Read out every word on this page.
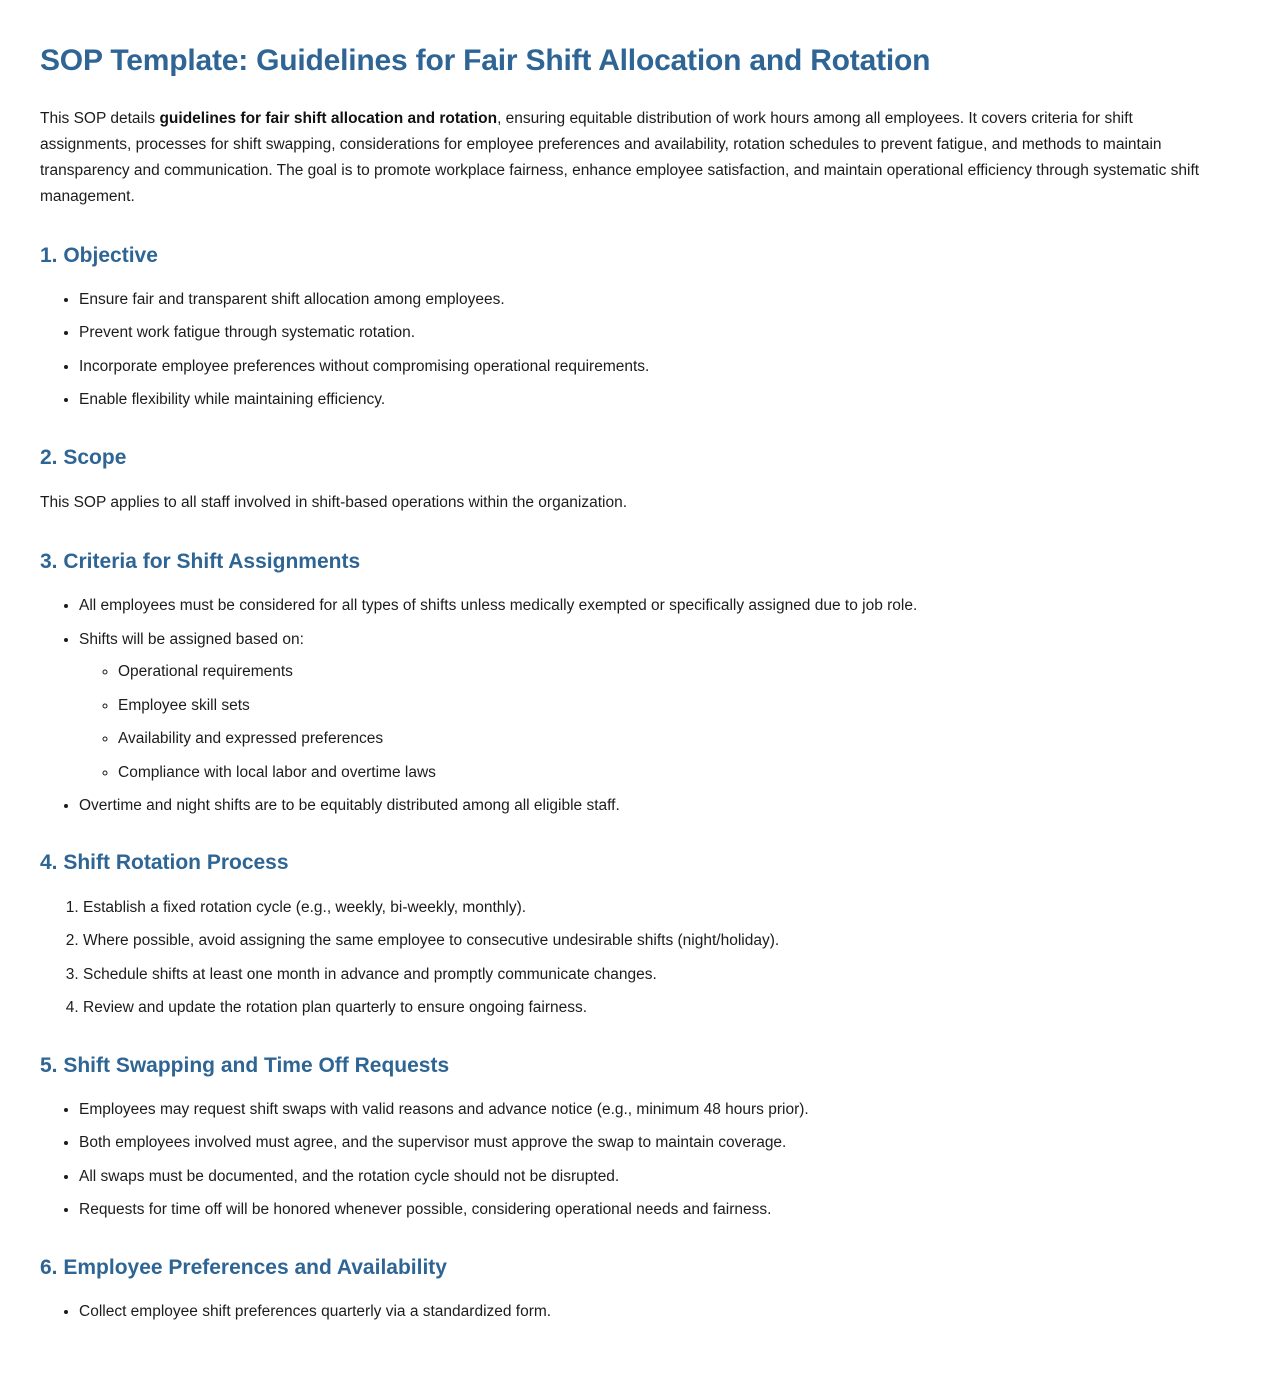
SOP Template: Guidelines for Fair Shift Allocation and Rotation

This SOP details guidelines for fair shift allocation and rotation, ensuring equitable distribution of work hours among all employees. It covers criteria for shift assignments, processes for shift swapping, considerations for employee preferences and availability, rotation schedules to prevent fatigue, and methods to maintain transparency and communication. The goal is to promote workplace fairness, enhance employee satisfaction, and maintain operational efficiency through systematic shift management.

1. Objective
• Ensure fair and transparent shift allocation among employees.
• Prevent work fatigue through systematic rotation.
• Incorporate employee preferences without compromising operational requirements.
• Enable flexibility while maintaining efficiency.
2. Scope

This SOP applies to all staff involved in shift-based operations within the organization.

3. Criteria for Shift Assignments
• All employees must be considered for all types of shifts unless medically exempted or specifically assigned due to job role.
• Shifts will be assigned based on:
◦ Operational requirements
◦ Employee skill sets
◦ Availability and expressed preferences
◦ Compliance with local labor and overtime laws
• Overtime and night shifts are to be equitably distributed among all eligible staff.
4. Shift Rotation Process
1. Establish a fixed rotation cycle (e.g., weekly, bi-weekly, monthly).
2. Where possible, avoid assigning the same employee to consecutive undesirable shifts (night/holiday).
3. Schedule shifts at least one month in advance and promptly communicate changes.
4. Review and update the rotation plan quarterly to ensure ongoing fairness.
5. Shift Swapping and Time Off Requests
• Employees may request shift swaps with valid reasons and advance notice (e.g., minimum 48 hours prior).
• Both employees involved must agree, and the supervisor must approve the swap to maintain coverage.
• All swaps must be documented, and the rotation cycle should not be disrupted.
• Requests for time off will be honored whenever possible, considering operational needs and fairness.
6. Employee Preferences and Availability
• Collect employee shift preferences quarterly via a standardized form.
